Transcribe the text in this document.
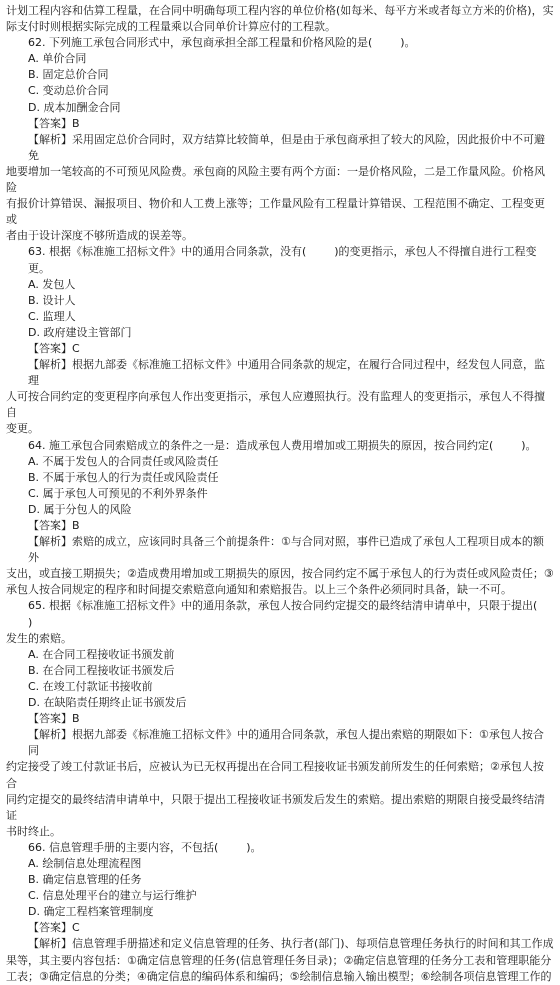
计划工程内容和估算工程量，在合同中明确每项工程内容的单位价格(如每米、每平方米或者每立方米的价格)，实
际支付时则根据实际完成的工程量乘以合同单价计算应付的工程款。
62. 下列施工承包合同形式中，承包商承担全部工程量和价格风险的是(        )。
A. 单价合同
B. 固定总价合同
C. 变动总价合同
D. 成本加酬金合同
【答案】B
【解析】采用固定总价合同时，双方结算比较简单，但是由于承包商承担了较大的风险，因此报价中不可避免
地要增加一笔较高的不可预见风险费。承包商的风险主要有两个方面：一是价格风险，二是工作量风险。价格风险
有报价计算错误、漏报项目、物价和人工费上涨等；工作量风险有工程量计算错误、工程范围不确定、工程变更或
者由于设计深度不够所造成的误差等。
63. 根据《标准施工招标文件》中的通用合同条款，没有(        )的变更指示，承包人不得擅自进行工程变更。
A. 发包人
B. 设计人
C. 监理人
D. 政府建设主管部门
【答案】C
【解析】根据九部委《标准施工招标文件》中通用合同条款的规定，在履行合同过程中，经发包人同意，监理
人可按合同约定的变更程序向承包人作出变更指示，承包人应遵照执行。没有监理人的变更指示，承包人不得擅自
变更。
64. 施工承包合同索赔成立的条件之一是：造成承包人费用增加或工期损失的原因，按合同约定(        )。
A. 不属于发包人的合同责任或风险责任
B. 不属于承包人的行为责任或风险责任
C. 属于承包人可预见的不利外界条件
D. 属于分包人的风险
【答案】B
【解析】索赔的成立，应该同时具备三个前提条件：①与合同对照，事件已造成了承包人工程项目成本的额外
支出，或直接工期损失；②造成费用增加或工期损失的原因，按合同约定不属于承包人的行为责任或风险责任；③
承包人按合同规定的程序和时间提交索赔意向通知和索赔报告。以上三个条件必须同时具备，缺一不可。
65. 根据《标准施工招标文件》中的通用条款，承包人按合同约定提交的最终结清申请单中，只限于提出(      )
发生的索赔。
A. 在合同工程接收证书颁发前
B. 在合同工程接收证书颁发后
C. 在竣工付款证书接收前
D. 在缺陷责任期终止证书颁发后
【答案】B
【解析】根据九部委《标准施工招标文件》中的通用合同条款，承包人提出索赔的期限如下：①承包人按合同
约定接受了竣工付款证书后，应被认为已无权再提出在合同工程接收证书颁发前所发生的任何索赔；②承包人按合
同约定提交的最终结清申请单中，只限于提出工程接收证书颁发后发生的索赔。提出索赔的期限自接受最终结清证
书时终止。
66. 信息管理手册的主要内容，不包括(        )。
A. 绘制信息处理流程图
B. 确定信息管理的任务
C. 信息处理平台的建立与运行维护
D. 确定工程档案管理制度
【答案】C
【解析】信息管理手册描述和定义信息管理的任务、执行者(部门)、每项信息管理任务执行的时间和其工作成
果等，其主要内容包括：①确定信息管理的任务(信息管理任务目录)；②确定信息管理的任务分工表和管理职能分
工表；③确定信息的分类；④确定信息的编码体系和编码；⑤绘制信息输入输出模型；⑥绘制各项信息管理工作的
